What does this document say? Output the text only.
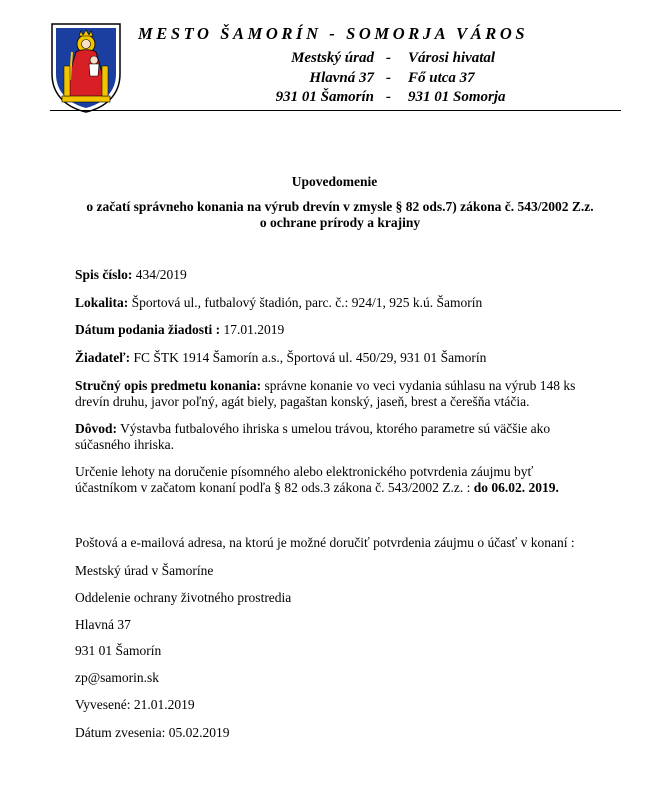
MESTO ŠAMORÍN - SOMORJA VÁROS
Mestský úrad - Városi hivatal
Hlavná 37 - Fő utca 37
931 01 Šamorín - 931 01 Somorja
Upovedomenie
o začatí správneho konania na výrub drevín v zmysle § 82 ods.7) zákona č. 543/2002 Z.z.
o ochrane prírody a krajiny
Spis číslo: 434/2019
Lokalita: Športová ul., futbalový štadión, parc. č.: 924/1, 925 k.ú. Šamorín
Dátum podania žiadosti : 17.01.2019
Žiadateľ: FC ŠTK 1914 Šamorín a.s., Športová ul. 450/29, 931 01 Šamorín
Stručný opis predmetu konania: správne konanie vo veci vydania súhlasu na výrub 148 ks drevín druhu, javor poľný, agát biely, pagaštan konský, jaseň, brest a čerešňa vtáčia.
Dôvod: Výstavba futbalového ihriska s umelou trávou, ktorého parametre sú väčšie ako súčasného ihriska.
Určenie lehoty na doručenie písomného alebo elektronického potvrdenia záujmu byť účastníkom v začatom konaní podľa § 82 ods.3 zákona č. 543/2002 Z.z. : do 06.02. 2019.
Poštová a e-mailová adresa, na ktorú je možné doručiť potvrdenia záujmu o účasť v konaní :
Mestský úrad v Šamoríne
Oddelenie ochrany životného prostredia
Hlavná 37
931 01 Šamorín
zp@samorin.sk
Vyvesené: 21.01.2019
Dátum zvesenia: 05.02.2019
